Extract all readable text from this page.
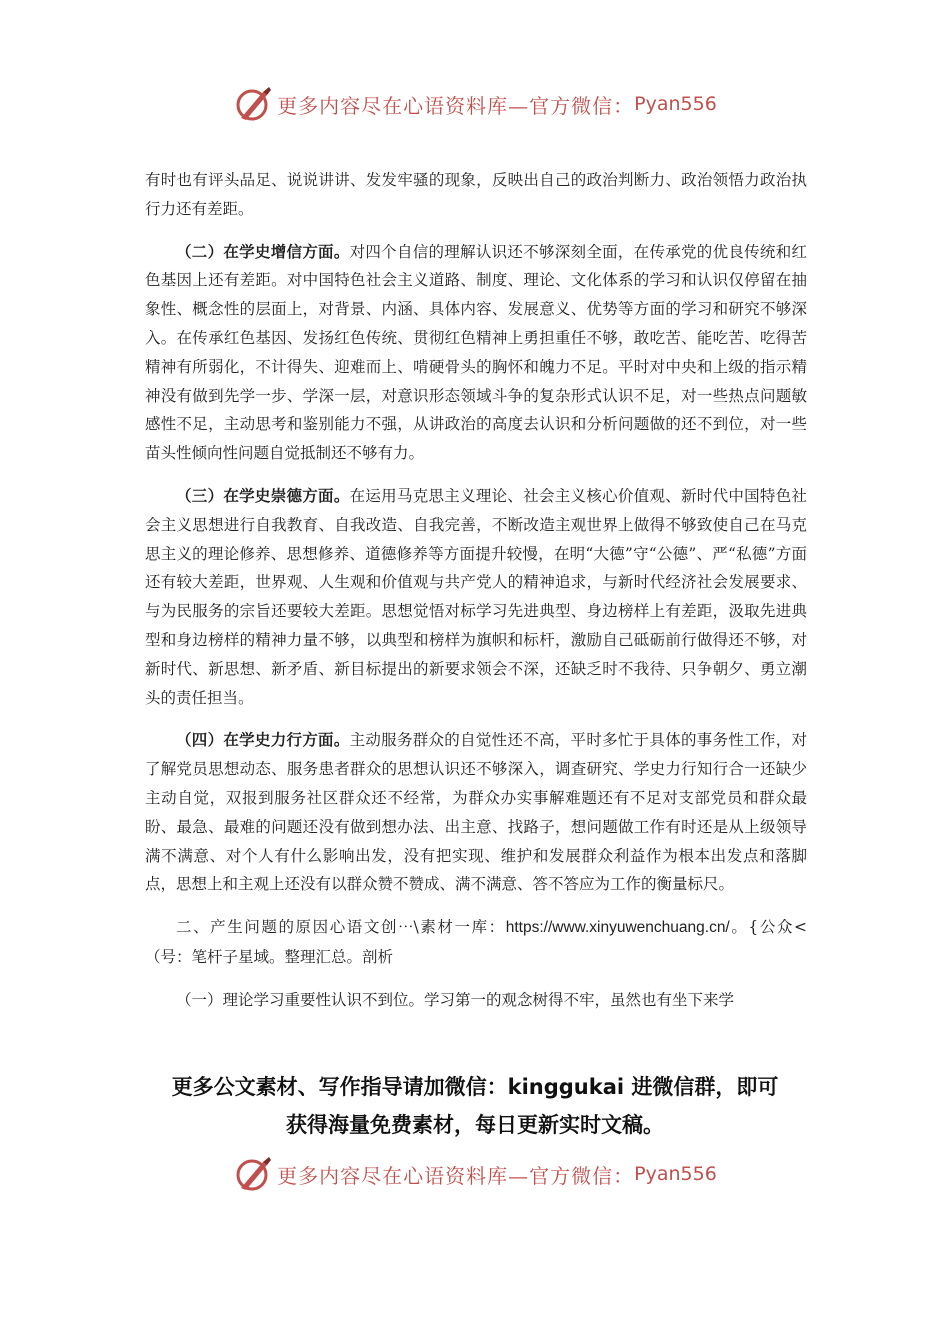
更多内容尽在心语资料库—官方微信： Pyan556

有时也有评头品足、说说讲讲、发发牢骚的现象，反映出自己的政治判断力、政治领悟力政治执行力还有差距。

（二）在学史增信方面。对四个自信的理解认识还不够深刻全面，在传承党的优良传统和红色基因上还有差距。对中国特色社会主义道路、制度、理论、文化体系的学习和认识仅停留在抽象性、概念性的层面上，对背景、内涵、具体内容、发展意义、优势等方面的学习和研究不够深入。在传承红色基因、发扬红色传统、贯彻红色精神上勇担重任不够，敢吃苦、能吃苦、吃得苦精神有所弱化，不计得失、迎难而上、啃硬骨头的胸怀和魄力不足。平时对中央和上级的指示精神没有做到先学一步、学深一层，对意识形态领域斗争的复杂形式认识不足，对一些热点问题敏感性不足，主动思考和鉴别能力不强，从讲政治的高度去认识和分析问题做的还不到位，对一些苗头性倾向性问题自觉抵制还不够有力。

（三）在学史崇德方面。在运用马克思主义理论、社会主义核心价值观、新时代中国特色社会主义思想进行自我教育、自我改造、自我完善，不断改造主观世界上做得不够致使自己在马克思主义的理论修养、思想修养、道德修养等方面提升较慢，在明“大德”守“公德”、严“私德”方面还有较大差距，世界观、人生观和价值观与共产党人的精神追求，与新时代经济社会发展要求、与为民服务的宗旨还要较大差距。思想觉悟对标学习先进典型、身边榜样上有差距，汲取先进典型和身边榜样的精神力量不够，以典型和榜样为旗帜和标杆，激励自己砥砺前行做得还不够，对新时代、新思想、新矛盾、新目标提出的新要求领会不深，还缺乏时不我待、只争朝夕、勇立潮头的责任担当。

（四）在学史力行方面。主动服务群众的自觉性还不高，平时多忙于具体的事务性工作，对了解党员思想动态、服务患者群众的思想认识还不够深入，调查研究、学史力行知行合一还缺少主动自觉，双报到服务社区群众还不经常，为群众办实事解难题还有不足对支部党员和群众最盼、最急、最难的问题还没有做到想办法、出主意、找路子，想问题做工作有时还是从上级领导满不满意、对个人有什么影响出发，没有把实现、维护和发展群众利益作为根本出发点和落脚点，思想上和主观上还没有以群众赞不赞成、满不满意、答不答应为工作的衡量标尺。

二、产生问题的原因心语文创⋯\素材一库：https://www.xinyuwenchuang.cn/。{公众<（号：笔杆子星域。整理汇总。剖析

（一）理论学习重要性认识不到位。学习第一的观念树得不牢，虽然也有坐下来学

更多公文素材、写作指导请加微信：kinggukai 进微信群，即可
获得海量免费素材，每日更新实时文稿。
更多内容尽在心语资料库—官方微信： Pyan556
